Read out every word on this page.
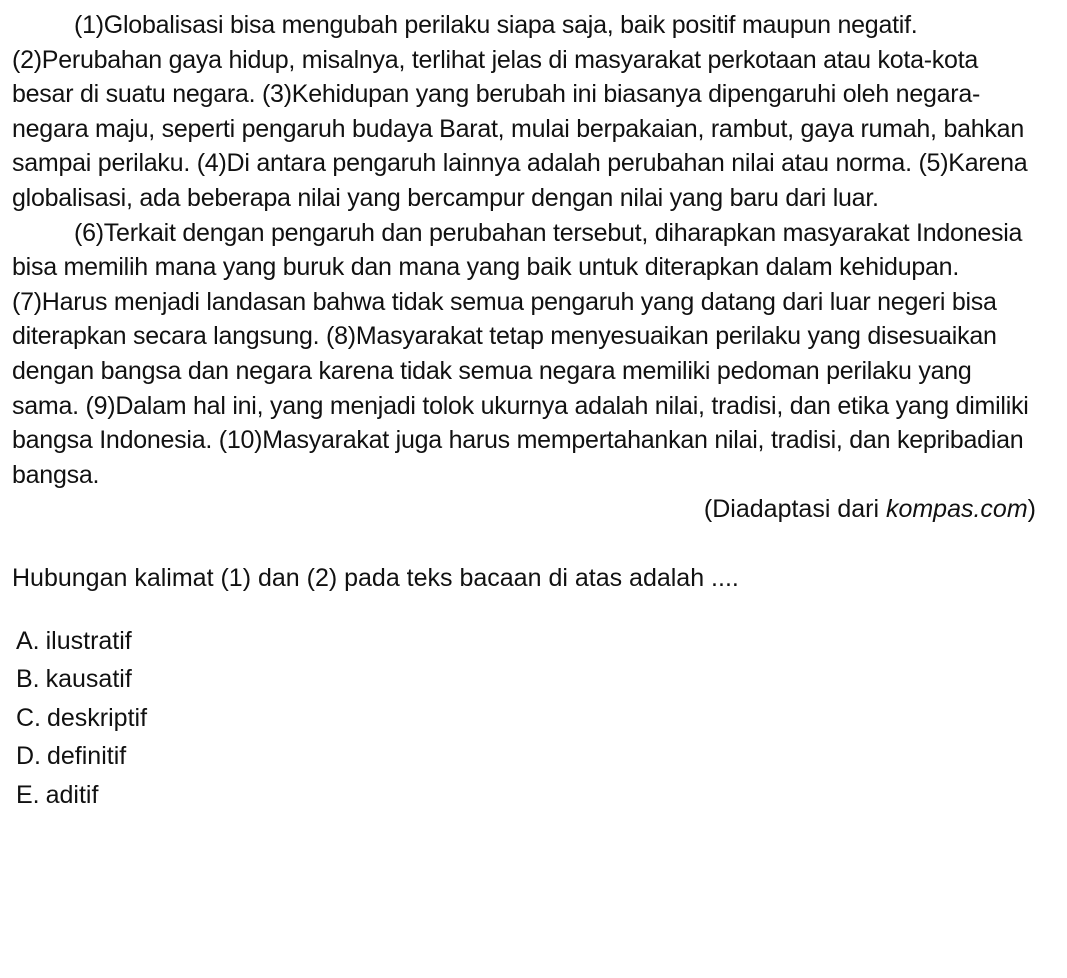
(1)Globalisasi bisa mengubah perilaku siapa saja, baik positif maupun negatif. (2)Perubahan gaya hidup, misalnya, terlihat jelas di masyarakat perkotaan atau kota-kota besar di suatu negara. (3)Kehidupan yang berubah ini biasanya dipengaruhi oleh negara-negara maju, seperti pengaruh budaya Barat, mulai berpakaian, rambut, gaya rumah, bahkan sampai perilaku. (4)Di antara pengaruh lainnya adalah perubahan nilai atau norma. (5)Karena globalisasi, ada beberapa nilai yang bercampur dengan nilai yang baru dari luar.

(6)Terkait dengan pengaruh dan perubahan tersebut, diharapkan masyarakat Indonesia bisa memilih mana yang buruk dan mana yang baik untuk diterapkan dalam kehidupan. (7)Harus menjadi landasan bahwa tidak semua pengaruh yang datang dari luar negeri bisa diterapkan secara langsung. (8)Masyarakat tetap menyesuaikan perilaku yang disesuaikan dengan bangsa dan negara karena tidak semua negara memiliki pedoman perilaku yang sama. (9)Dalam hal ini, yang menjadi tolok ukurnya adalah nilai, tradisi, dan etika yang dimiliki bangsa Indonesia. (10)Masyarakat juga harus mempertahankan nilai, tradisi, dan kepribadian bangsa.

(Diadaptasi dari kompas.com)

Hubungan kalimat (1) dan (2) pada teks bacaan di atas adalah ....

A. ilustratif
B. kausatif
C. deskriptif
D. definitif
E. aditif
